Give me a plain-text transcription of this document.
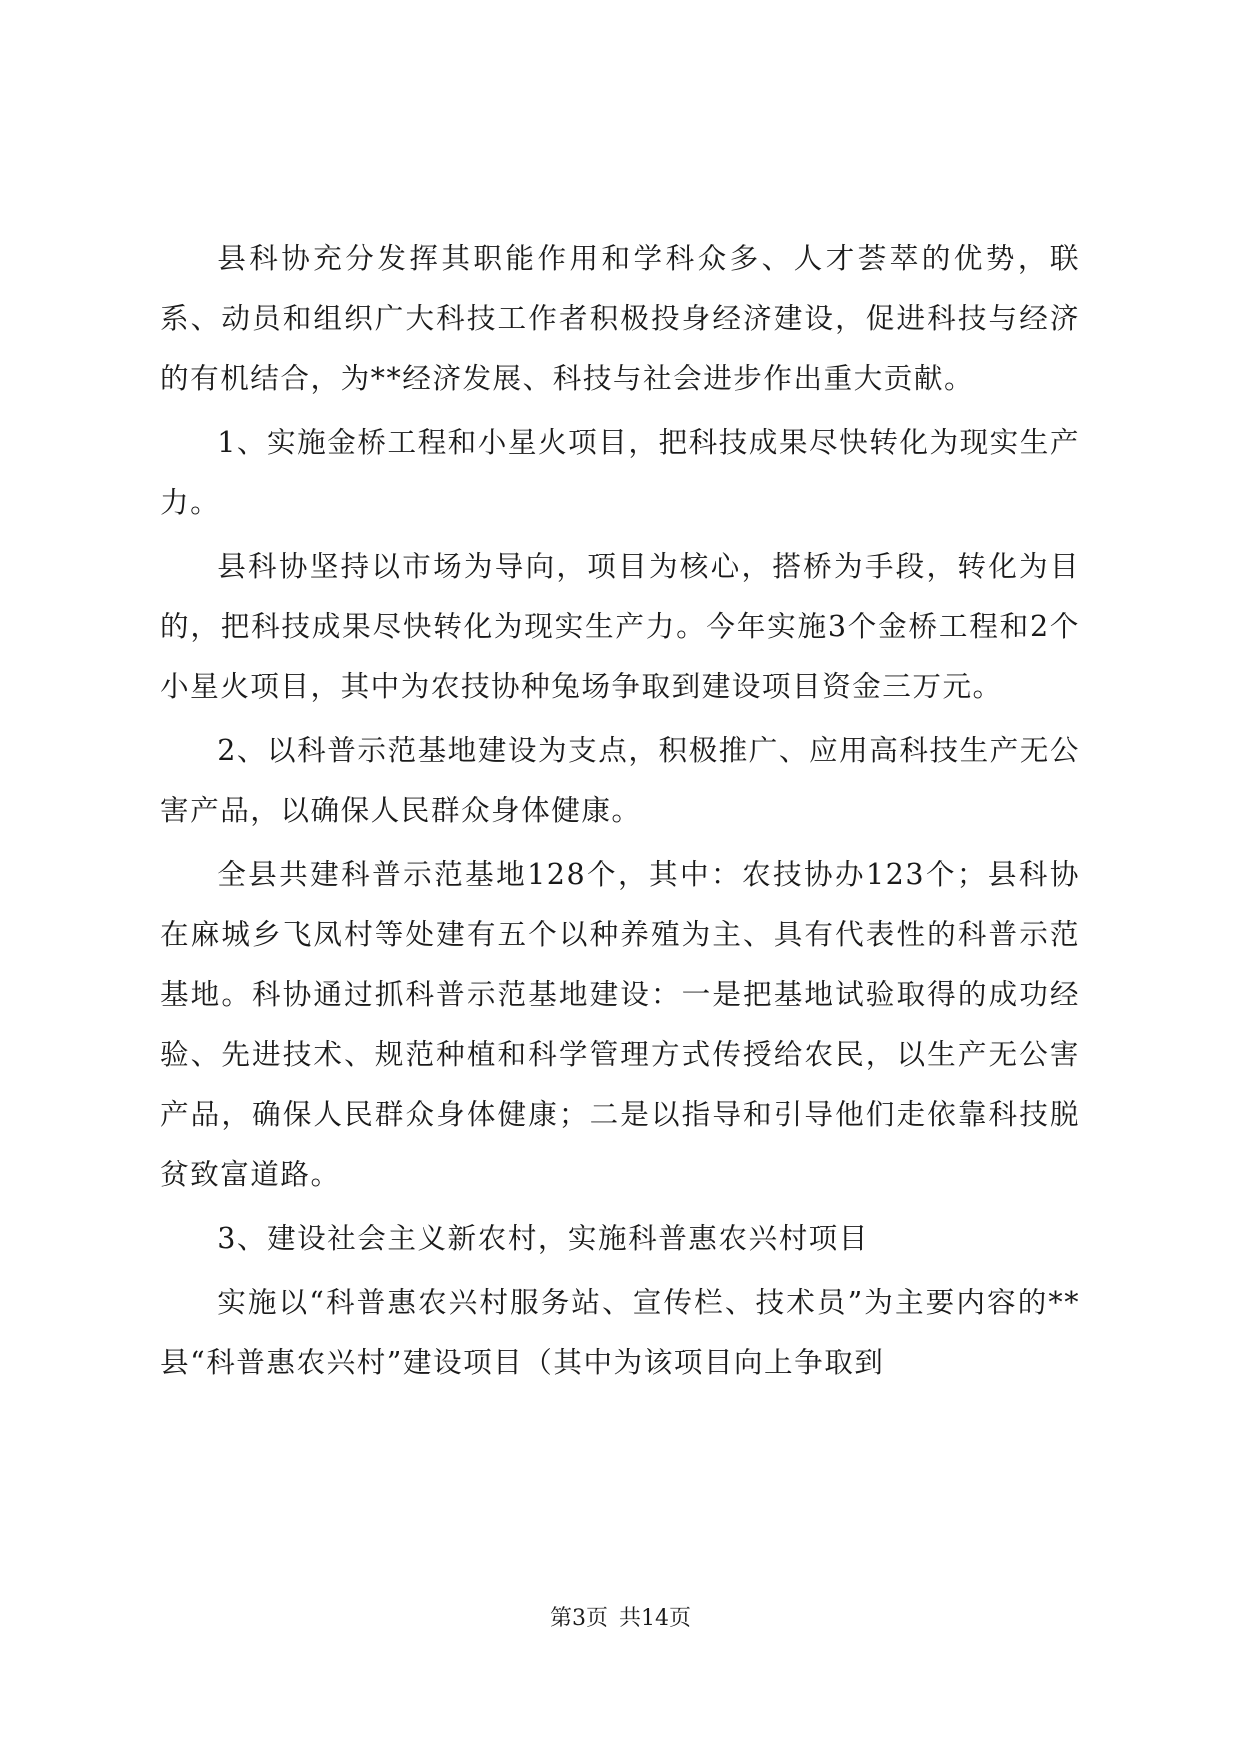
县科协充分发挥其职能作用和学科众多、人才荟萃的优势，联系、动员和组织广大科技工作者积极投身经济建设，促进科技与经济的有机结合，为**经济发展、科技与社会进步作出重大贡献。

1、实施金桥工程和小星火项目，把科技成果尽快转化为现实生产力。

县科协坚持以市场为导向，项目为核心，搭桥为手段，转化为目的，把科技成果尽快转化为现实生产力。今年实施3个金桥工程和2个小星火项目，其中为农技协种兔场争取到建设项目资金三万元。

2、以科普示范基地建设为支点，积极推广、应用高科技生产无公害产品，以确保人民群众身体健康。

全县共建科普示范基地128个，其中：农技协办123个；县科协在麻城乡飞凤村等处建有五个以种养殖为主、具有代表性的科普示范基地。科协通过抓科普示范基地建设：一是把基地试验取得的成功经验、先进技术、规范种植和科学管理方式传授给农民，以生产无公害产品，确保人民群众身体健康；二是以指导和引导他们走依靠科技脱贫致富道路。

3、建设社会主义新农村，实施科普惠农兴村项目

实施以“科普惠农兴村服务站、宣传栏、技术员”为主要内容的**县“科普惠农兴村”建设项目（其中为该项目向上争取到

第3页 共14页
